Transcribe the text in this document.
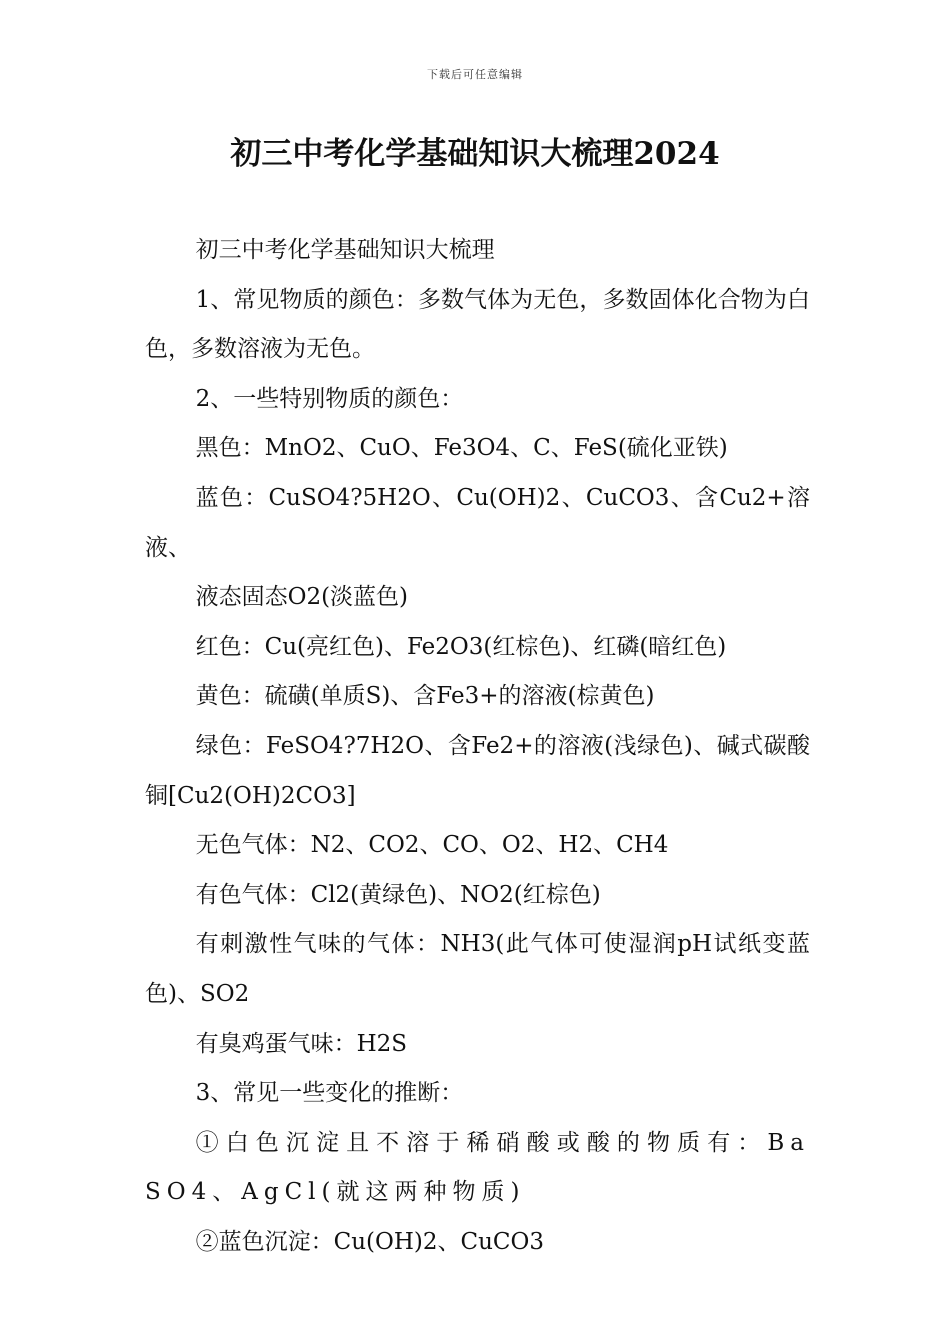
下载后可任意编辑
初三中考化学基础知识大梳理2024

初三中考化学基础知识大梳理

1、常见物质的颜色：多数气体为无色，多数固体化合物为白色，多数溶液为无色。

2、一些特别物质的颜色：

黑色：MnO2、CuO、Fe3O4、C、FeS(硫化亚铁)

蓝色：CuSO4?5H2O、Cu(OH)2、CuCO3、含Cu2+溶液、

液态固态O2(淡蓝色)

红色：Cu(亮红色)、Fe2O3(红棕色)、红磷(暗红色)

黄色：硫磺(单质S)、含Fe3+的溶液(棕黄色)

绿色：FeSO4?7H2O、含Fe2+的溶液(浅绿色)、碱式碳酸铜[Cu2(OH)2CO3]

无色气体：N2、CO2、CO、O2、H2、CH4

有色气体：Cl2(黄绿色)、NO2(红棕色)

有刺激性气味的气体：NH3(此气体可使湿润pH试纸变蓝色)、SO2

有臭鸡蛋气味：H2S

3、常见一些变化的推断：

①白色沉淀且不溶于稀硝酸或酸的物质有：BaSO4、AgCl(就这两种物质)

②蓝色沉淀：Cu(OH)2、CuCO3
